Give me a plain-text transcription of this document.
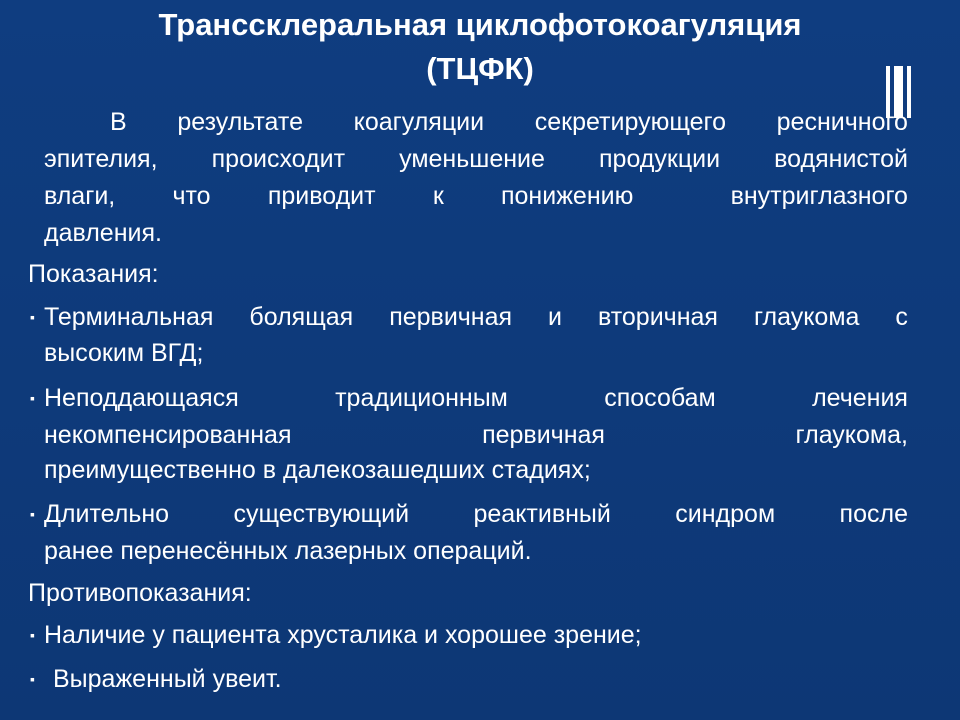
Транссклеральная циклофотокоагуляция
(ТЦФК)
В результате коагуляции секретирующего ресничного
эпителия, происходит уменьшение продукции водянистой
влаги, что приводит к понижению	внутриглазного
давления.
Показания:
▪ Терминальная болящая первичная и вторичная глаукома с
высоким ВГД;
▪ Неподдающаяся	традиционным	способам	лечения
некомпенсированная	первичная	глаукома,
преимущественно в далекозашедших стадиях;
▪ Длительно	существующий	реактивный	синдром	после
ранее перенесённых лазерных операций.
Противопоказания:
▪ Наличие у пациента хрусталика и хорошее зрение;
▪ Выраженный увеит.
